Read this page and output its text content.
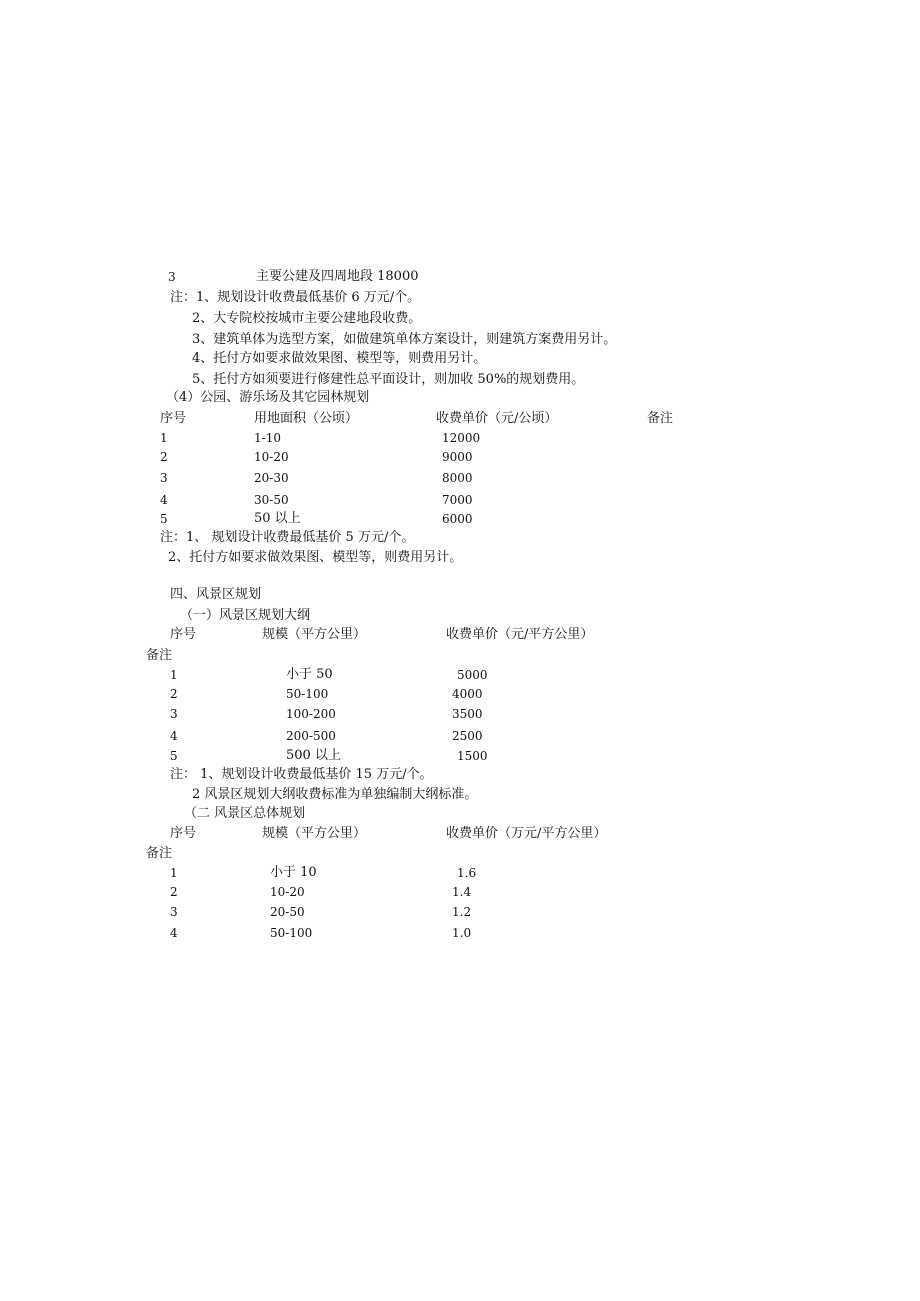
3	主要公建及四周地段 18000
注：1、规划设计收费最低基价 6 万元/个。
2、大专院校按城市主要公建地段收费。
3、建筑单体为选型方案，如做建筑单体方案设计，则建筑方案费用另计。
4、托付方如要求做效果图、模型等，则费用另计。
5、托付方如须要进行修建性总平面设计，则加收 50%的规划费用。
（4）公园、游乐场及其它园林规划
序号	用地面积（公顷）	收费单价（元/公顷）	备注
1	1-10	12000
2	10-20	9000
3	20-30	8000
4	30-50	7000
5	50 以上	6000
注：1、 规划设计收费最低基价 5 万元/个。
2、托付方如要求做效果图、模型等，则费用另计。
四、风景区规划
（一）风景区规划大纲
序号	规模（平方公里）	收费单价（元/平方公里）
备注
1	小于 50	5000
2	50-100	4000
3	100-200	3500
4	200-500	2500
5	500 以上	1500
注： 1、规划设计收费最低基价 15 万元/个。
2 风景区规划大纲收费标准为单独编制大纲标准。
（二 风景区总体规划
序号	规模（平方公里）	收费单价（万元/平方公里）
备注
1	小于 10	1.6
2	10-20	1.4
3	20-50	1.2
4	50-100	1.0
